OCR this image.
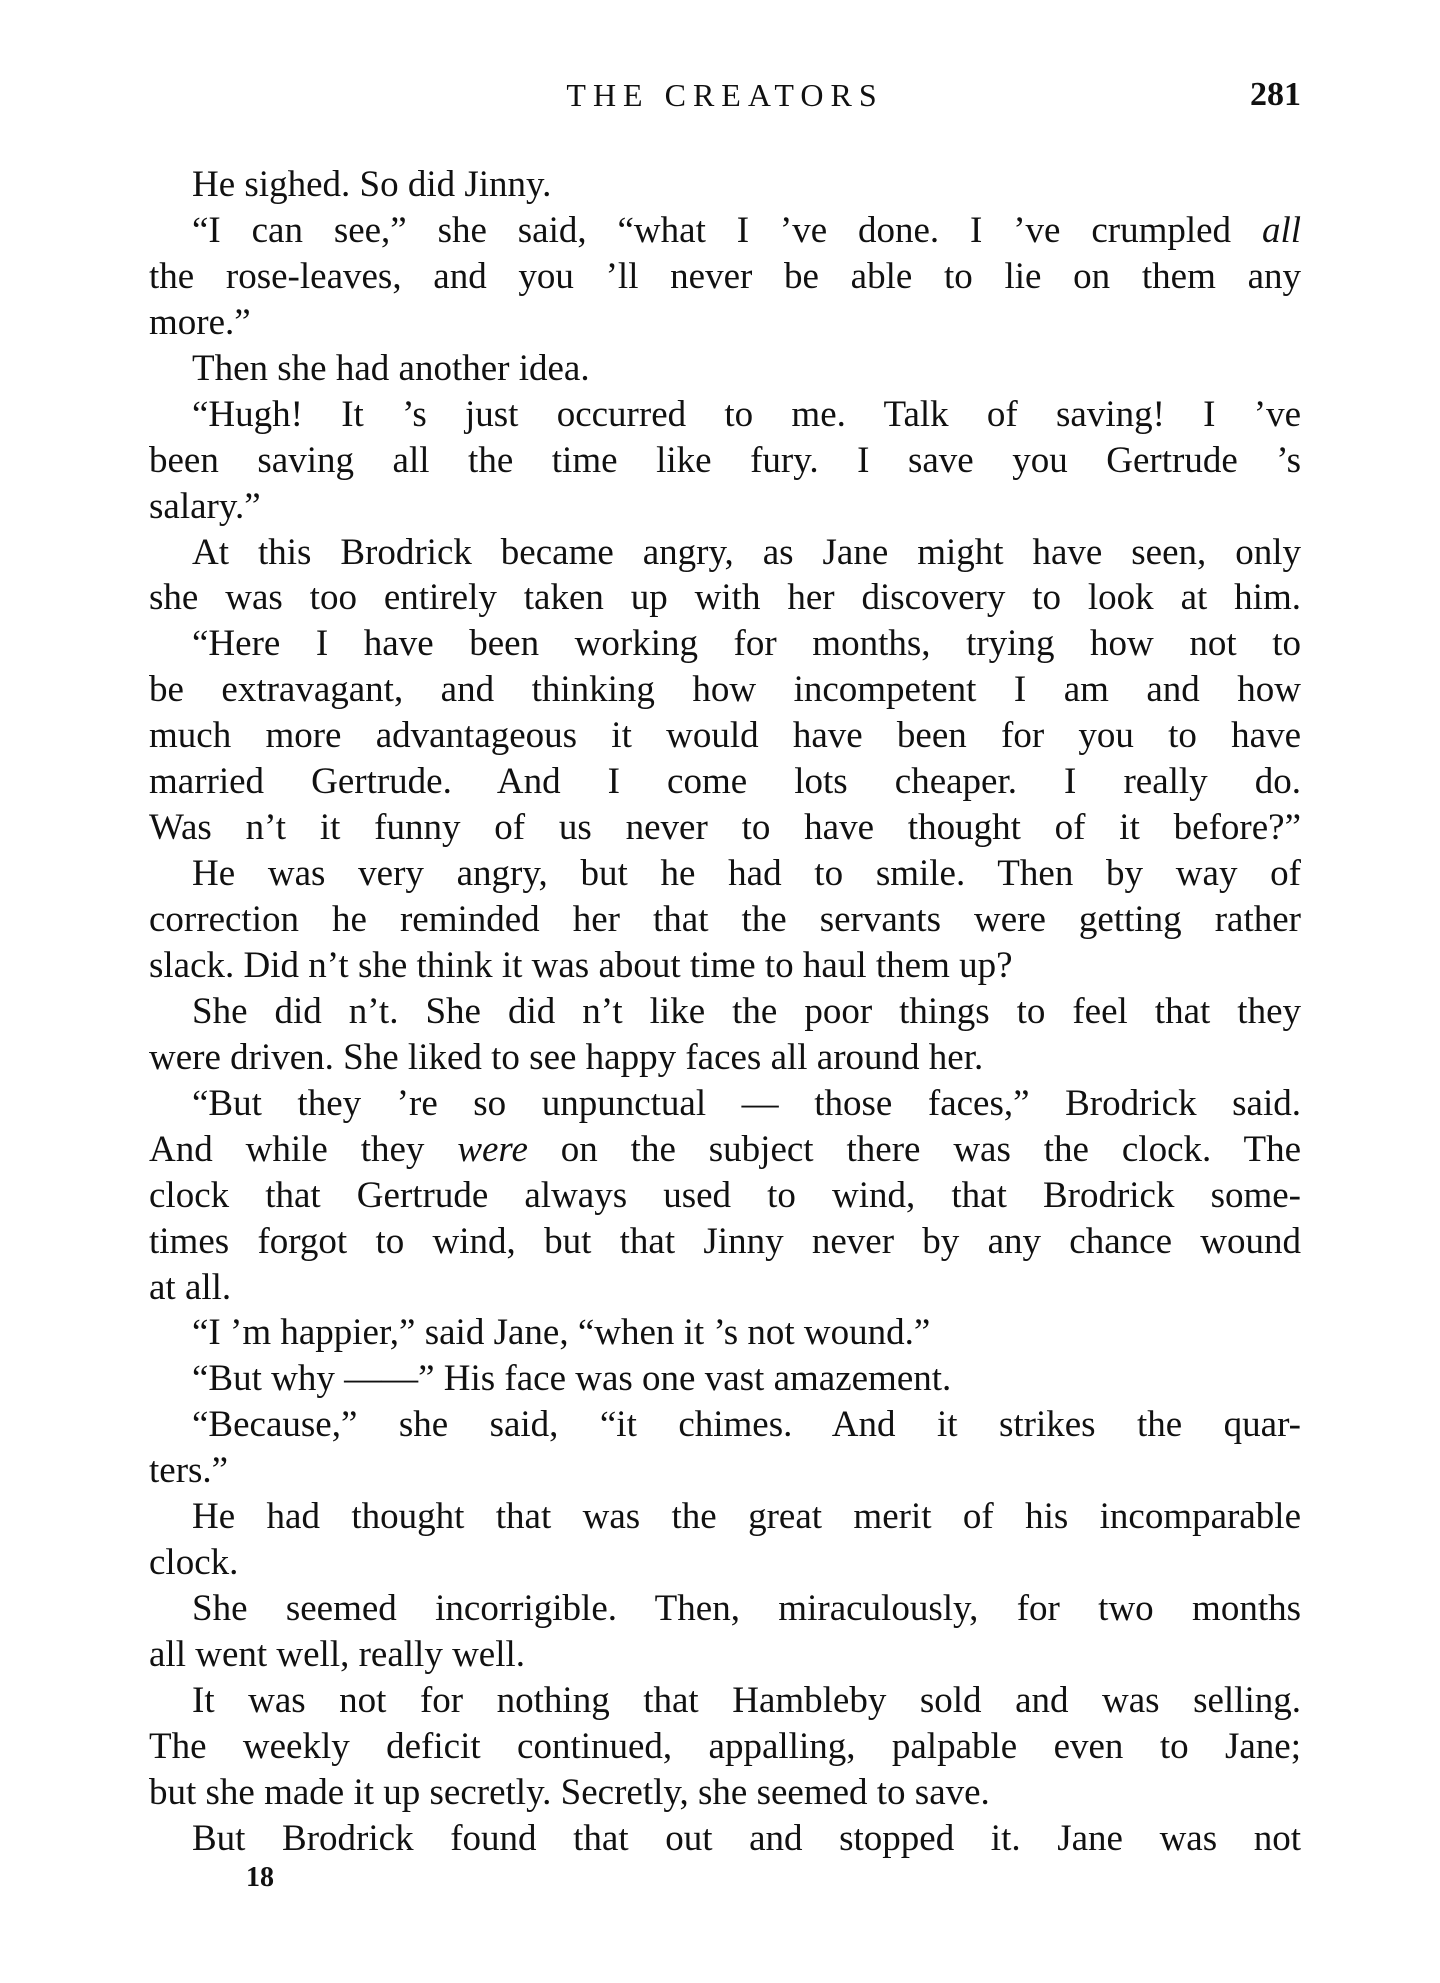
THE CREATORS	281
He sighed. So did Jinny.
“I can see,” she said, “what I ’ve done. I ’ve crumpled all
the rose-leaves, and you ’ll never be able to lie on them any
more.”
Then she had another idea.
“Hugh! It ’s just occurred to me. Talk of saving! I ’ve
been saving all the time like fury. I save you Gertrude ’s
salary.”
At this Brodrick became angry, as Jane might have seen, only
she was too entirely taken up with her discovery to look at him.
“Here I have been working for months, trying how not to
be extravagant, and thinking how incompetent I am and how
much more advantageous it would have been for you to have
married Gertrude. And I come lots cheaper. I really do.
Was n’t it funny of us never to have thought of it before?”
He was very angry, but he had to smile. Then by way of
correction he reminded her that the servants were getting rather
slack. Did n’t she think it was about time to haul them up?
She did n’t. She did n’t like the poor things to feel that they
were driven. She liked to see happy faces all around her.
“But they ’re so unpunctual — those faces,” Brodrick said.
And while they were on the subject there was the clock. The
clock that Gertrude always used to wind, that Brodrick some-
times forgot to wind, but that Jinny never by any chance wound
at all.
“I ’m happier,” said Jane, “when it ’s not wound.”
“But why ——” His face was one vast amazement.
“Because,” she said, “it chimes. And it strikes the quar-
ters.”
He had thought that was the great merit of his incomparable
clock.
She seemed incorrigible. Then, miraculously, for two months
all went well, really well.
It was not for nothing that Hambleby sold and was selling.
The weekly deficit continued, appalling, palpable even to Jane;
but she made it up secretly. Secretly, she seemed to save.
But Brodrick found that out and stopped it. Jane was not
18
